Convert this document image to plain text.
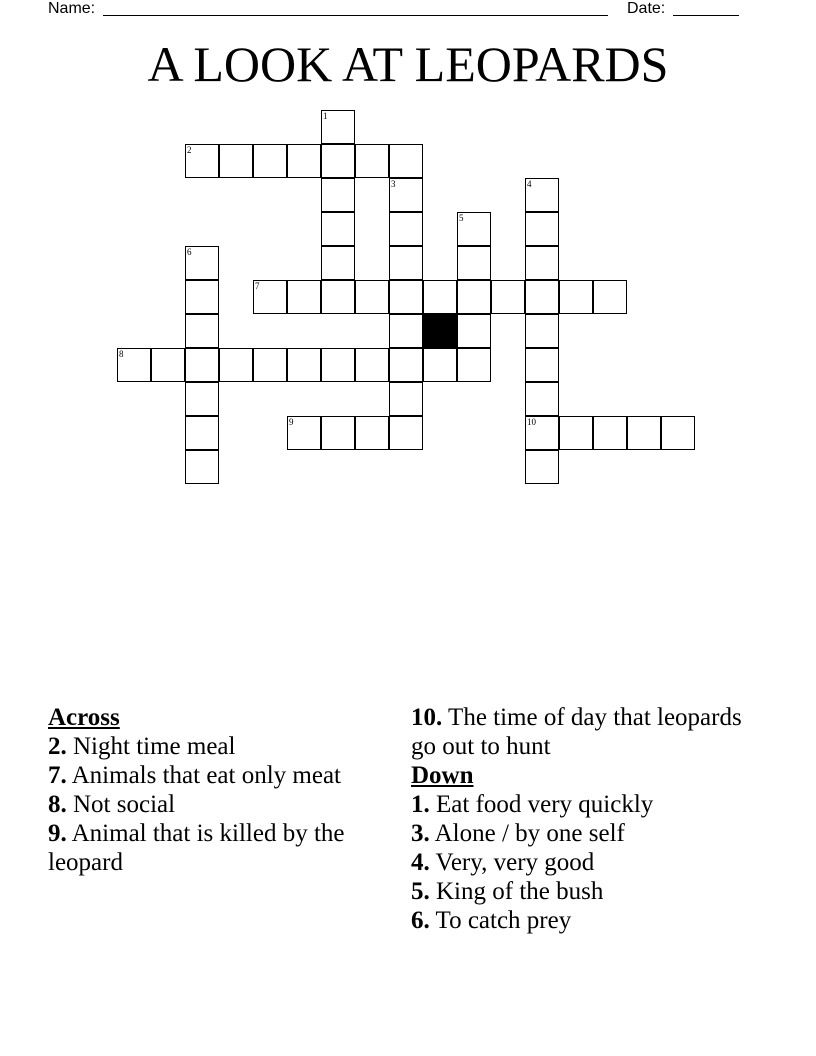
Name:	Date:
A LOOK AT LEOPARDS
1
2
3	4
5
6
7
8
9	10
Across

2. Night time meal

7. Animals that eat only meat

8. Not social

9. Animal that is killed by the leopard

10. The time of day that leopards go out to hunt

Down

1. Eat food very quickly

3. Alone / by one self

4. Very, very good

5. King of the bush

6. To catch prey
